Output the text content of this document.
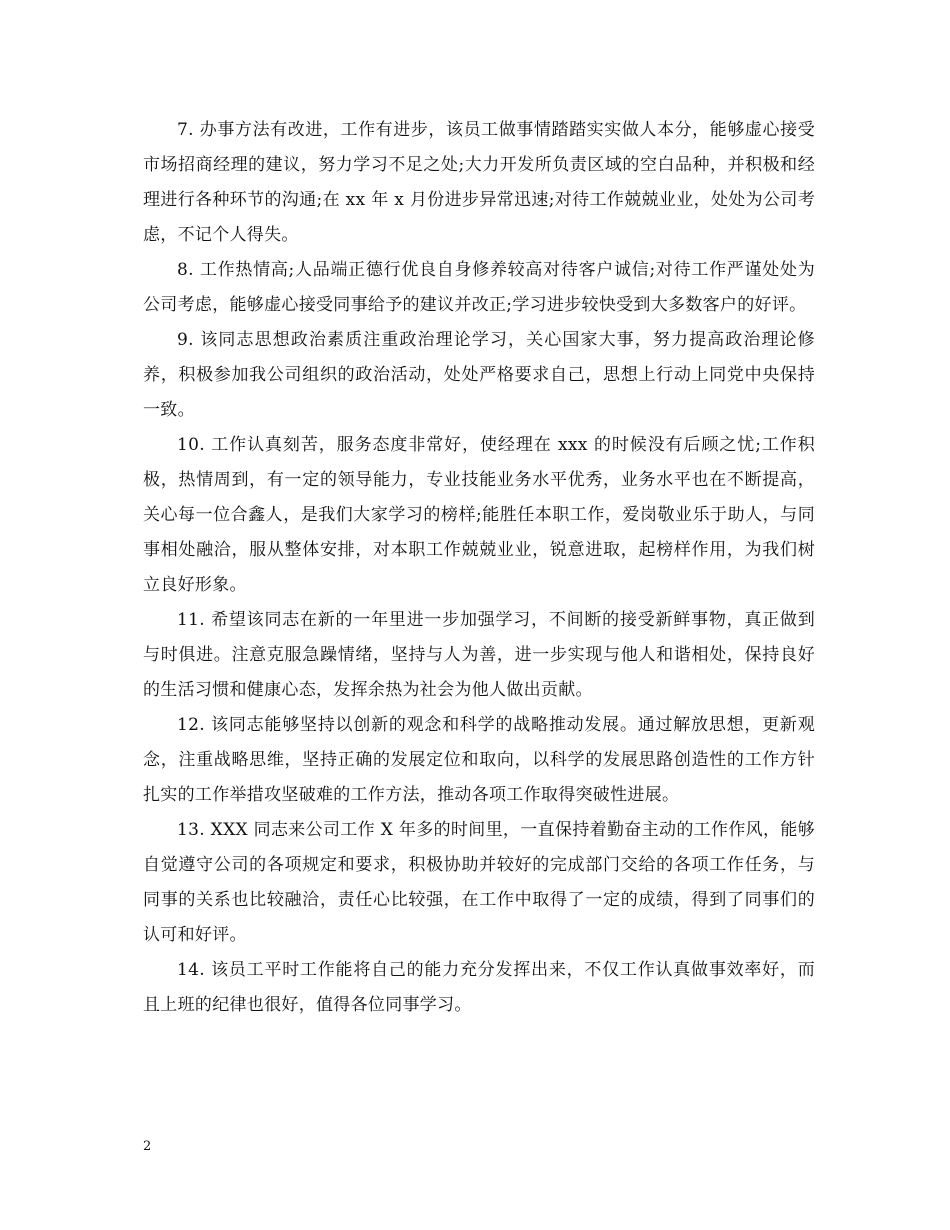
7. 办事方法有改进，工作有进步，该员工做事情踏踏实实做人本分，能够虚心接受市场招商经理的建议，努力学习不足之处;大力开发所负责区域的空白品种，并积极和经理进行各种环节的沟通;在 xx 年 x 月份进步异常迅速;对待工作兢兢业业，处处为公司考虑，不记个人得失。

8. 工作热情高;人品端正德行优良自身修养较高对待客户诚信;对待工作严谨处处为公司考虑，能够虚心接受同事给予的建议并改正;学习进步较快受到大多数客户的好评。

9. 该同志思想政治素质注重政治理论学习，关心国家大事，努力提高政治理论修养，积极参加我公司组织的政治活动，处处严格要求自己，思想上行动上同党中央保持一致。

10. 工作认真刻苦，服务态度非常好，使经理在 xxx 的时候没有后顾之忧;工作积极，热情周到，有一定的领导能力，专业技能业务水平优秀，业务水平也在不断提高，关心每一位合鑫人，是我们大家学习的榜样;能胜任本职工作，爱岗敬业乐于助人，与同事相处融洽，服从整体安排，对本职工作兢兢业业，锐意进取，起榜样作用，为我们树立良好形象。

11. 希望该同志在新的一年里进一步加强学习，不间断的接受新鲜事物，真正做到与时俱进。注意克服急躁情绪，坚持与人为善，进一步实现与他人和谐相处，保持良好的生活习惯和健康心态，发挥余热为社会为他人做出贡献。

12. 该同志能够坚持以创新的观念和科学的战略推动发展。通过解放思想，更新观念，注重战略思维，坚持正确的发展定位和取向，以科学的发展思路创造性的工作方针扎实的工作举措攻坚破难的工作方法，推动各项工作取得突破性进展。

13. XXX 同志来公司工作 X 年多的时间里，一直保持着勤奋主动的工作作风，能够自觉遵守公司的各项规定和要求，积极协助并较好的完成部门交给的各项工作任务，与同事的关系也比较融洽，责任心比较强，在工作中取得了一定的成绩，得到了同事们的认可和好评。

14. 该员工平时工作能将自己的能力充分发挥出来，不仅工作认真做事效率好，而且上班的纪律也很好，值得各位同事学习。

2
